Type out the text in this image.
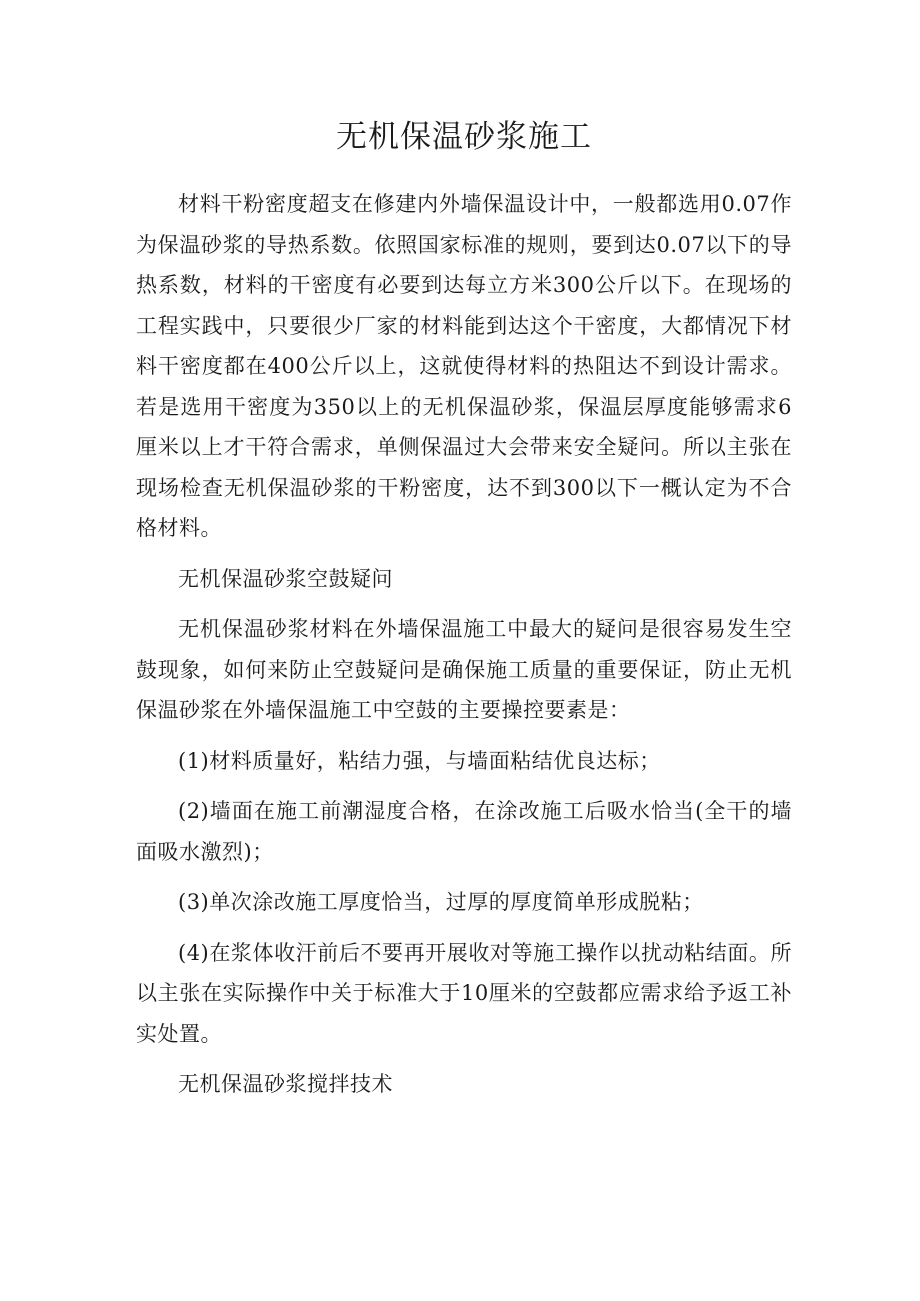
无机保温砂浆施工

材料干粉密度超支在修建内外墙保温设计中，一般都选用0.07作为保温砂浆的导热系数。依照国家标准的规则，要到达0.07以下的导热系数，材料的干密度有必要到达每立方米300公斤以下。在现场的工程实践中，只要很少厂家的材料能到达这个干密度，大都情况下材料干密度都在400公斤以上，这就使得材料的热阻达不到设计需求。若是选用干密度为350以上的无机保温砂浆，保温层厚度能够需求6厘米以上才干符合需求，单侧保温过大会带来安全疑问。所以主张在现场检查无机保温砂浆的干粉密度，达不到300以下一概认定为不合格材料。

无机保温砂浆空鼓疑问

无机保温砂浆材料在外墙保温施工中最大的疑问是很容易发生空鼓现象，如何来防止空鼓疑问是确保施工质量的重要保证，防止无机保温砂浆在外墙保温施工中空鼓的主要操控要素是：

(1)材料质量好，粘结力强，与墙面粘结优良达标；

(2)墙面在施工前潮湿度合格，在涂改施工后吸水恰当(全干的墙面吸水激烈)；

(3)单次涂改施工厚度恰当，过厚的厚度简单形成脱粘；

(4)在浆体收汗前后不要再开展收对等施工操作以扰动粘结面。所以主张在实际操作中关于标准大于10厘米的空鼓都应需求给予返工补实处置。

无机保温砂浆搅拌技术
